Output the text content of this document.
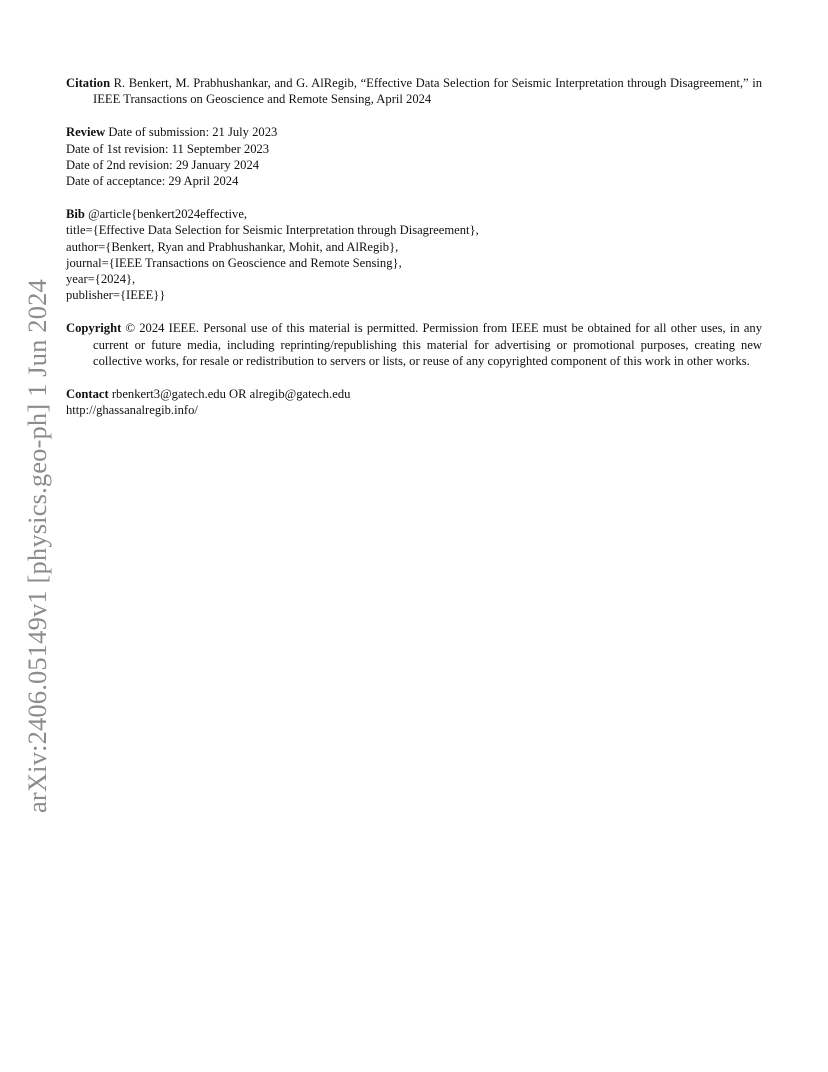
arXiv:2406.05149v1 [physics.geo-ph] 1 Jun 2024
Citation R. Benkert, M. Prabhushankar, and G. AlRegib, “Effective Data Selection for Seismic Interpretation through Disagreement,” in IEEE Transactions on Geoscience and Remote Sensing, April 2024
Review Date of submission: 21 July 2023
Date of 1st revision: 11 September 2023
Date of 2nd revision: 29 January 2024
Date of acceptance: 29 April 2024
Bib @article{benkert2024effective,
title={Effective Data Selection for Seismic Interpretation through Disagreement},
author={Benkert, Ryan and Prabhushankar, Mohit, and AlRegib},
journal={IEEE Transactions on Geoscience and Remote Sensing},
year={2024},
publisher={IEEE}}
Copyright © 2024 IEEE. Personal use of this material is permitted. Permission from IEEE must be obtained for all other uses, in any current or future media, including reprinting/republishing this material for advertising or promotional purposes, creating new collective works, for resale or redistribution to servers or lists, or reuse of any copyrighted component of this work in other works.
Contact rbenkert3@gatech.edu OR alregib@gatech.edu
http://ghassanalregib.info/
